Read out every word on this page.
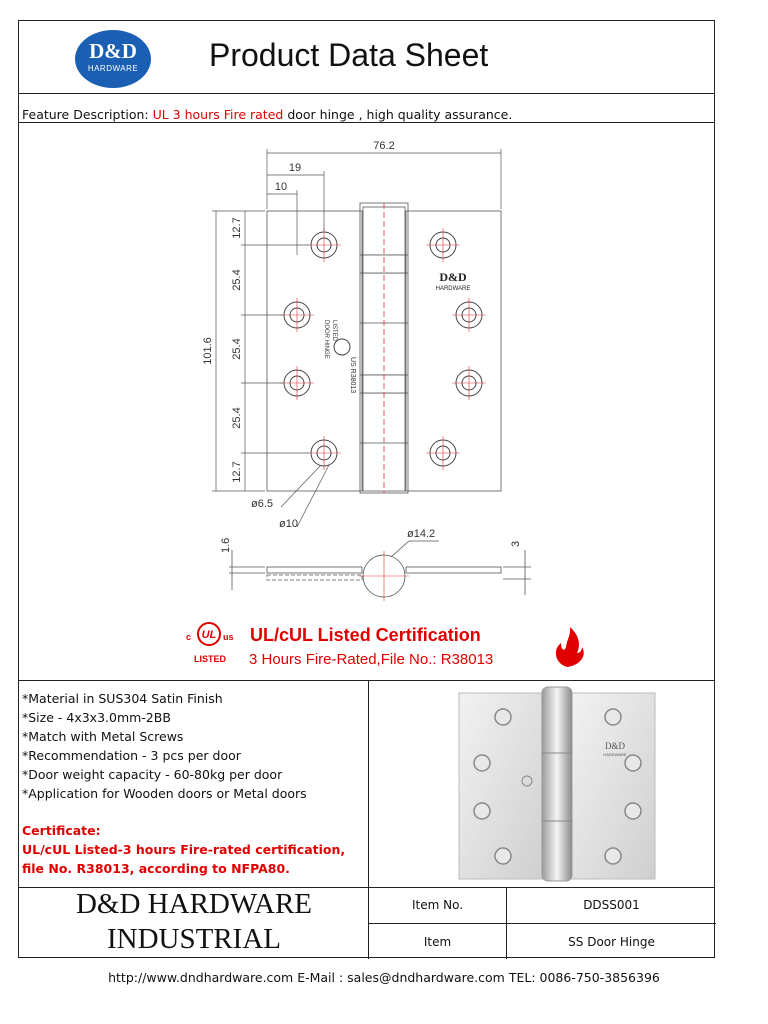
D&D
HARDWARE	Product Data Sheet
Feature Description: UL 3 hours Fire rated door hinge , high quality assurance.
D&D
HARDWARE
LISTED
DOOR HINGE
US R38013
76.2
19
10
101.6
12.7
25.4
25.4
25.4
12.7
ø6.5
ø10
1.6	3
ø14.2
c UL us
LISTED
UL/cUL Listed Certification
3 Hours Fire-Rated,File No.: R38013
*Material in SUS304 Satin Finish
*Size - 4x3x3.0mm-2BB
*Match with Metal Screws
*Recommendation - 3 pcs per door
*Door weight capacity - 60-80kg per door
*Application for Wooden doors or Metal doors
Certificate:
UL/cUL Listed-3 hours Fire-rated certification,
file No. R38013, according to NFPA80.
D&D
HARDWARE
D&D HARDWARE
INDUSTRIAL
Item No.	DDSS001
Item	SS Door Hinge
http://www.dndhardware.com E-Mail : sales@dndhardware.com TEL: 0086-750-3856396
